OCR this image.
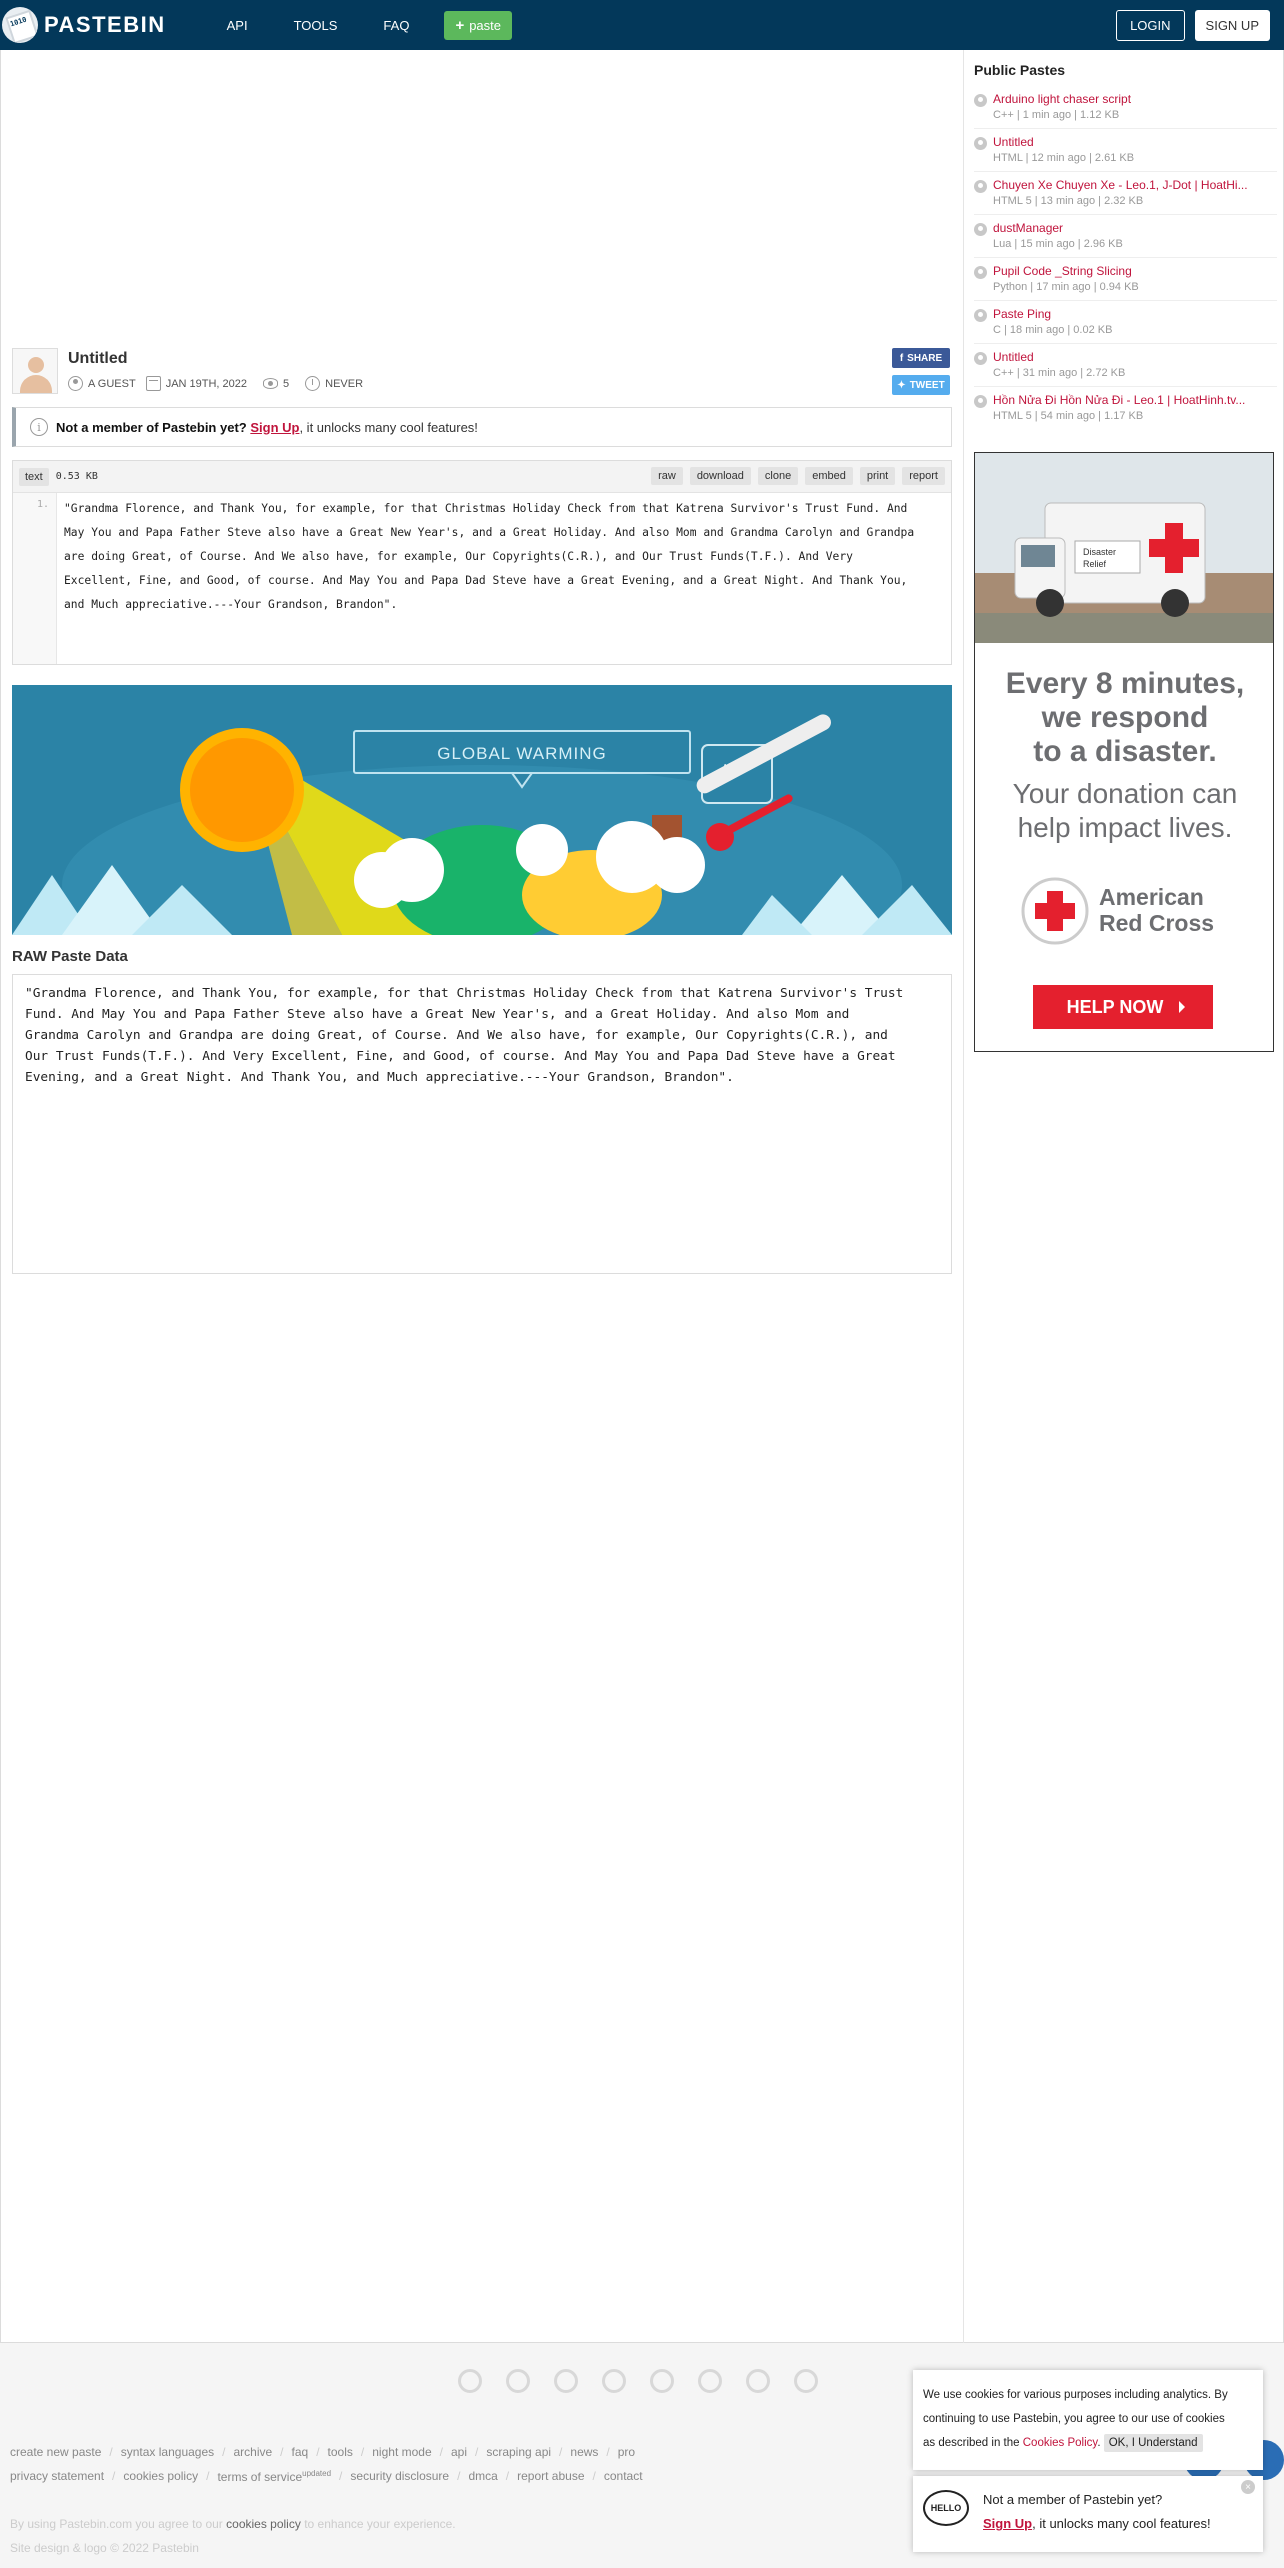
1010
PASTEBIN	API	TOOLS	FAQ	+ paste	LOGIN	SIGN UP
Untitled
A GUEST	JAN 19TH, 2022	5	NEVER
f SHARE
✦ TWEET
i	Not a member of Pastebin yet? Sign Up, it unlocks many cool features!
text	0.53 KB	raw	download	clone	embed	print	report
1.	"Grandma Florence, and Thank You, for example, for that Christmas Holiday Check from that Katrena Survivor's Trust Fund. And
May You and Papa Father Steve also have a Great New Year's, and a Great Holiday. And also Mom and Grandma Carolyn and Grandpa
are doing Great, of Course. And We also have, for example, Our Copyrights(C.R.), and Our Trust Funds(T.F.). And Very
Excellent, Fine, and Good, of course. And May You and Papa Dad Steve have a Great Evening, and a Great Night. And Thank You,
and Much appreciative.---Your Grandson, Brandon".
GLOBAL WARMING
RAW Paste Data
"Grandma Florence, and Thank You, for example, for that Christmas Holiday Check from that Katrena Survivor's Trust
Fund. And May You and Papa Father Steve also have a Great New Year's, and a Great Holiday. And also Mom and
Grandma Carolyn and Grandpa are doing Great, of Course. And We also have, for example, Our Copyrights(C.R.), and
Our Trust Funds(T.F.). And Very Excellent, Fine, and Good, of course. And May You and Papa Dad Steve have a Great
Evening, and a Great Night. And Thank You, and Much appreciative.---Your Grandson, Brandon".
Public Pastes
Arduino light chaser script
C++ | 1 min ago | 1.12 KB
Untitled
HTML | 12 min ago | 2.61 KB
Chuyen Xe Chuyen Xe - Leo.1, J-Dot | HoatHi...
HTML 5 | 13 min ago | 2.32 KB
dustManager
Lua | 15 min ago | 2.96 KB
Pupil Code _String Slicing
Python | 17 min ago | 0.94 KB
Paste Ping
C | 18 min ago | 0.02 KB
Untitled
C++ | 31 min ago | 2.72 KB
Hồn Nửa Đi Hồn Nửa Đi - Leo.1 | HoatHinh.tv...
HTML 5 | 54 min ago | 1.17 KB
Disaster
Relief
Every 8 minutes,
we respond
to a disaster.
Your donation can
help impact lives.
American
Red Cross
HELP NOW
create new paste / syntax languages / archive / faq / tools / night mode / api / scraping api / news / pro
privacy statement / cookies policy / terms of service$^{updated}$ / security disclosure / dmca / report abuse / contact
By using Pastebin.com you agree to our cookies policy to enhance your experience.
Site design & logo © 2022 Pastebin
We use cookies for various purposes including analytics. By
continuing to use Pastebin, you agree to our use of cookies
as described in the Cookies Policy. OK, I Understand
HELLO
×
Not a member of Pastebin yet?
Sign Up, it unlocks many cool features!
